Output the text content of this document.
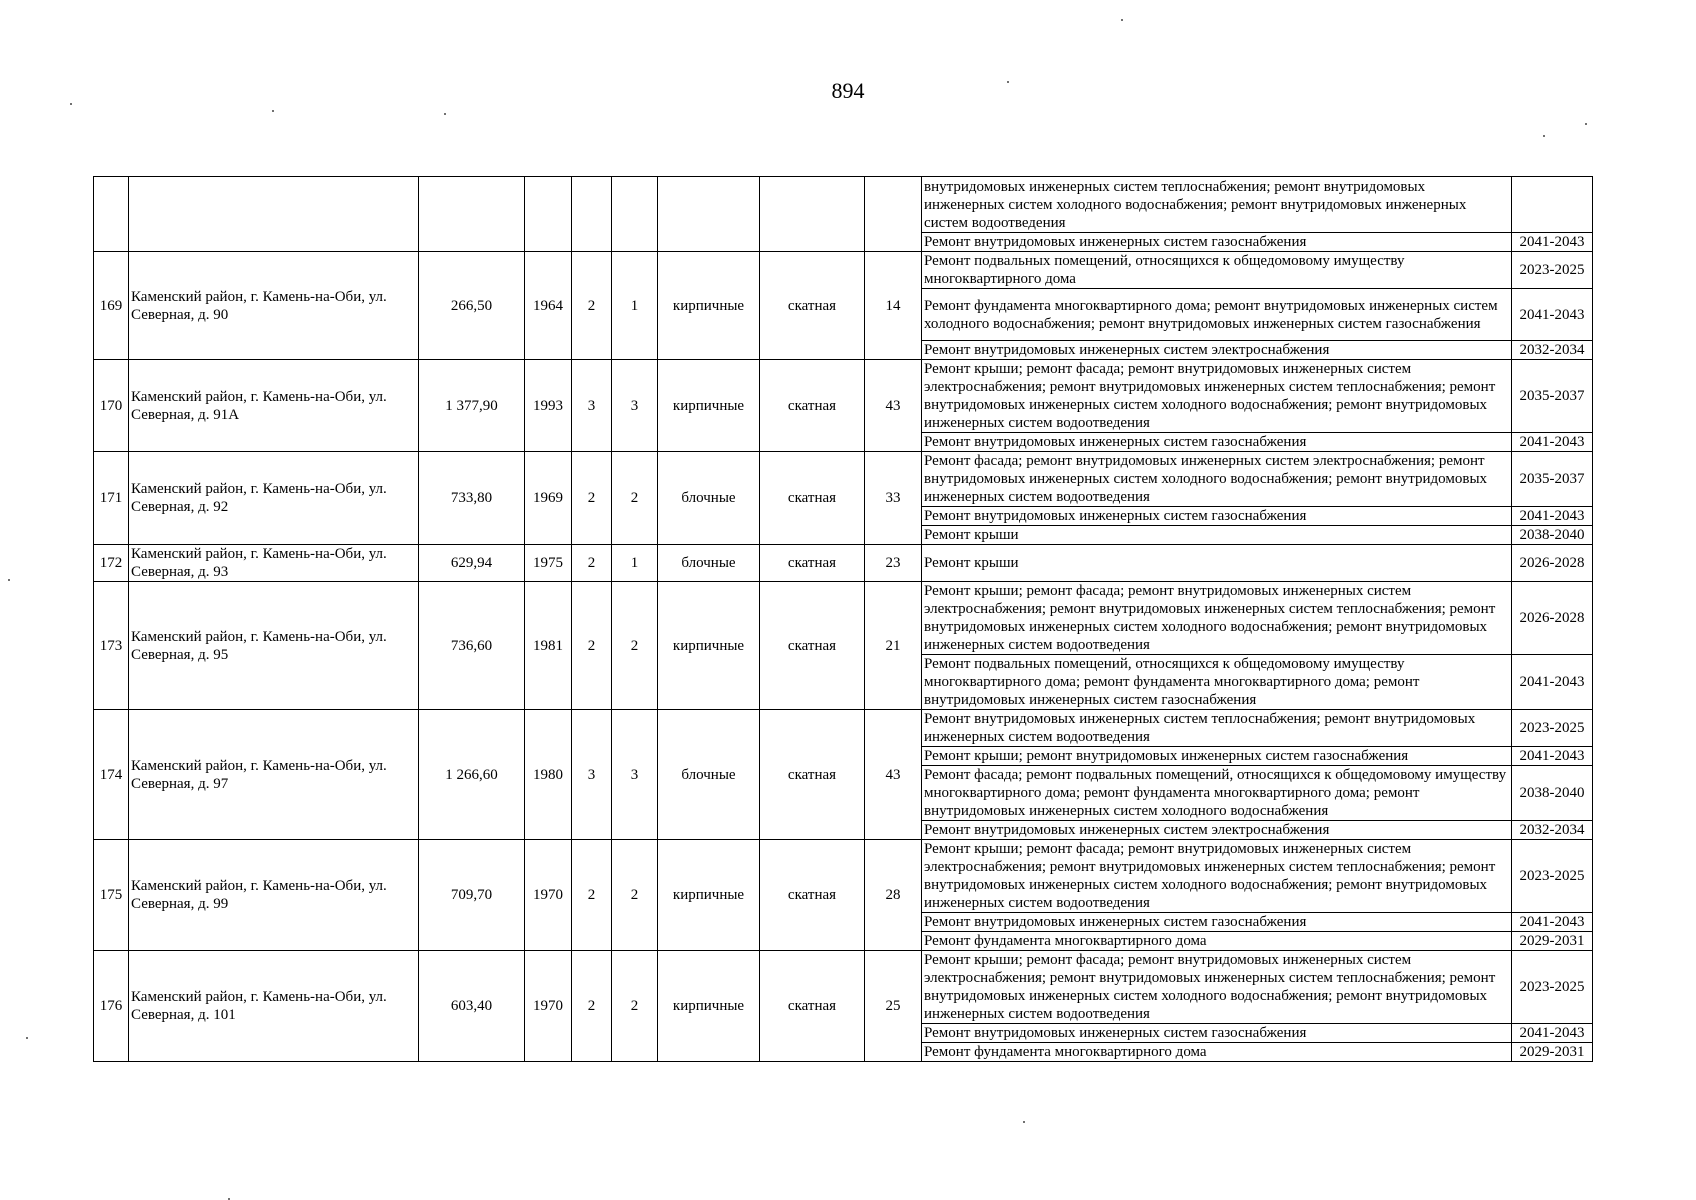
894
									внутридомовых инженерных систем теплоснабжения; ремонт внутридомовых инженерных систем холодного водоснабжения; ремонт внутридомовых инженерных систем водоотведения	
									Ремонт внутридомовых инженерных систем газоснабжения	2041-2043
169	Каменский район, г. Камень-на-Оби, ул. Северная, д. 90	266,50	1964	2	1	кирпичные	скатная	14	Ремонт подвальных помещений, относящихся к общедомовому имуществу многоквартирного дома	2023-2025
									Ремонт фундамента многоквартирного дома; ремонт внутридомовых инженерных систем холодного водоснабжения; ремонт внутридомовых инженерных систем газоснабжения	2041-2043
									Ремонт внутридомовых инженерных систем электроснабжения	2032-2034
170	Каменский район, г. Камень-на-Оби, ул. Северная, д. 91А	1 377,90	1993	3	3	кирпичные	скатная	43	Ремонт крыши; ремонт фасада; ремонт внутридомовых инженерных систем электроснабжения; ремонт внутридомовых инженерных систем теплоснабжения; ремонт внутридомовых инженерных систем холодного водоснабжения; ремонт внутридомовых инженерных систем водоотведения	2035-2037
									Ремонт внутридомовых инженерных систем газоснабжения	2041-2043
171	Каменский район, г. Камень-на-Оби, ул. Северная, д. 92	733,80	1969	2	2	блочные	скатная	33	Ремонт фасада; ремонт внутридомовых инженерных систем электроснабжения; ремонт внутридомовых инженерных систем холодного водоснабжения; ремонт внутридомовых инженерных систем водоотведения	2035-2037
									Ремонт внутридомовых инженерных систем газоснабжения	2041-2043
									Ремонт крыши	2038-2040
172	Каменский район, г. Камень-на-Оби, ул. Северная, д. 93	629,94	1975	2	1	блочные	скатная	23	Ремонт крыши	2026-2028
173	Каменский район, г. Камень-на-Оби, ул. Северная, д. 95	736,60	1981	2	2	кирпичные	скатная	21	Ремонт крыши; ремонт фасада; ремонт внутридомовых инженерных систем электроснабжения; ремонт внутридомовых инженерных систем теплоснабжения; ремонт внутридомовых инженерных систем холодного водоснабжения; ремонт внутридомовых инженерных систем водоотведения	2026-2028
									Ремонт подвальных помещений, относящихся к общедомовому имуществу многоквартирного дома; ремонт фундамента многоквартирного дома; ремонт внутридомовых инженерных систем газоснабжения	2041-2043
174	Каменский район, г. Камень-на-Оби, ул. Северная, д. 97	1 266,60	1980	3	3	блочные	скатная	43	Ремонт внутридомовых инженерных систем теплоснабжения; ремонт внутридомовых инженерных систем водоотведения	2023-2025
									Ремонт крыши; ремонт внутридомовых инженерных систем газоснабжения	2041-2043
									Ремонт фасада; ремонт подвальных помещений, относящихся к общедомовому имуществу многоквартирного дома; ремонт фундамента многоквартирного дома; ремонт внутридомовых инженерных систем холодного водоснабжения	2038-2040
									Ремонт внутридомовых инженерных систем электроснабжения	2032-2034
175	Каменский район, г. Камень-на-Оби, ул. Северная, д. 99	709,70	1970	2	2	кирпичные	скатная	28	Ремонт крыши; ремонт фасада; ремонт внутридомовых инженерных систем электроснабжения; ремонт внутридомовых инженерных систем теплоснабжения; ремонт внутридомовых инженерных систем холодного водоснабжения; ремонт внутридомовых инженерных систем водоотведения	2023-2025
									Ремонт внутридомовых инженерных систем газоснабжения	2041-2043
									Ремонт фундамента многоквартирного дома	2029-2031
176	Каменский район, г. Камень-на-Оби, ул. Северная, д. 101	603,40	1970	2	2	кирпичные	скатная	25	Ремонт крыши; ремонт фасада; ремонт внутридомовых инженерных систем электроснабжения; ремонт внутридомовых инженерных систем теплоснабжения; ремонт внутридомовых инженерных систем холодного водоснабжения; ремонт внутридомовых инженерных систем водоотведения	2023-2025
									Ремонт внутридомовых инженерных систем газоснабжения	2041-2043
									Ремонт фундамента многоквартирного дома	2029-2031
